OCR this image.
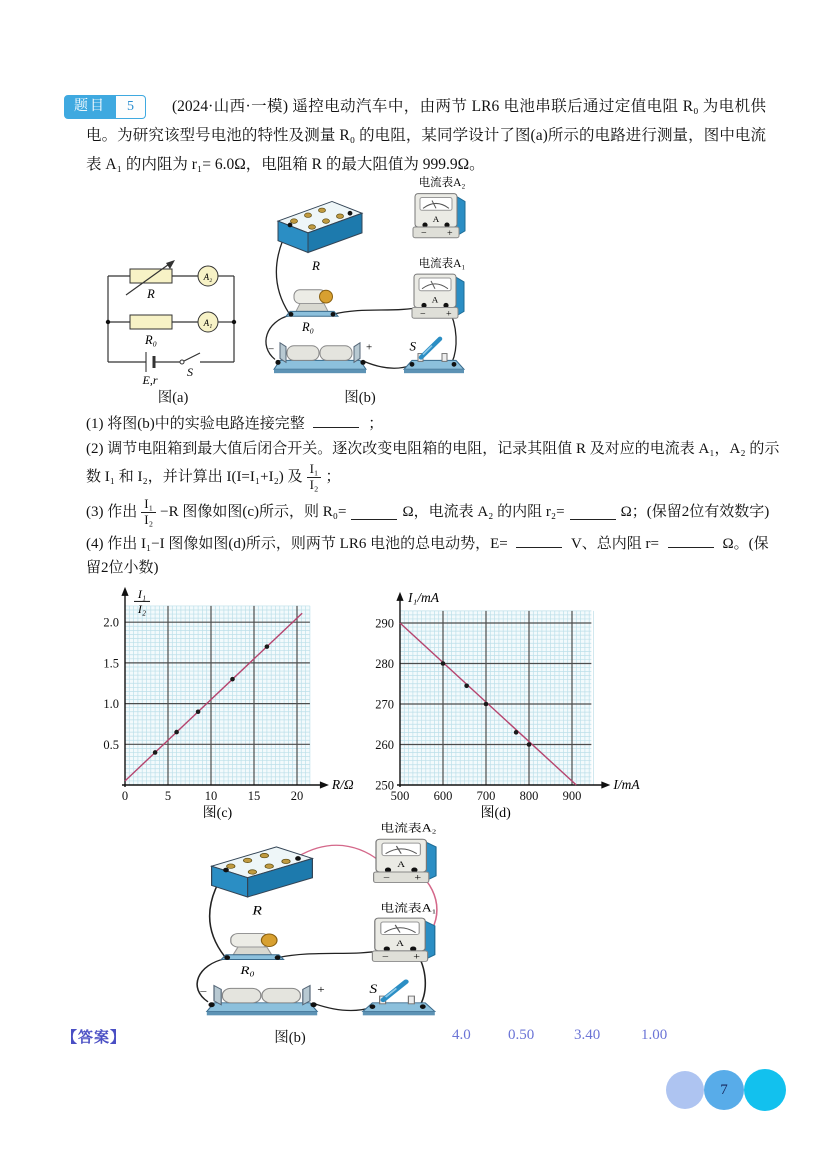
题目	5	(2024·山西·一模) 遥控电动汽车中，由两节 LR6 电池串联后通过定值电阻 R₀ 为电机供电。为研究该型号电池的特性及测量 R₀ 的电阻，某同学设计了图(a)所示的电路进行测量，图中电流表 A₁ 的内阻为 r₁= 6.0Ω，电阻箱 R 的最大阻值为 999.9Ω。

A₂
A₁
R
R₀
E,r
S
电流表A₂
A
− +
电流表A₁
A
− +
R
R₀
−	+	S
图(a)	图(b)
(1) 将图(b)中的实验电路连接完整	；
(2) 调节电阻箱到最大值后闭合开关。逐次改变电阻箱的电阻，记录其阻值 R 及对应的电流表 A₁，A₂ 的示
数 I₁ 和 I₂，并计算出 I(I=I₁+I₂) 及 $\frac{\text{I₁}}{\text{I₂}}$ ；
(3) 作出 $\frac{\text{I₁}}{\text{I₂}} -R$ 图像如图(c)所示，则 R₀=	Ω，电流表 A₂ 的内阻 r₂=	Ω；(保留2位有效数字)
(4) 作出 I₁−I 图像如图(d)所示，则两节 LR6 电池的总电动势，E=	V、总内阻 r=	Ω。(保
留2位小数)
0	5	10 15 20
0.5
1.0
1.5
2.0
R/Ω
I₁
I₂
图(c)
500 600 700 800 900
250
260
270
280
290
I/mA
I₁/mA
图(d)
电流表A₂
A
− +
电流表A₁
A
− +
R
R₀
−	+	S
图(b)
【答案】	4.0 0.50	3.40	1.00
7
